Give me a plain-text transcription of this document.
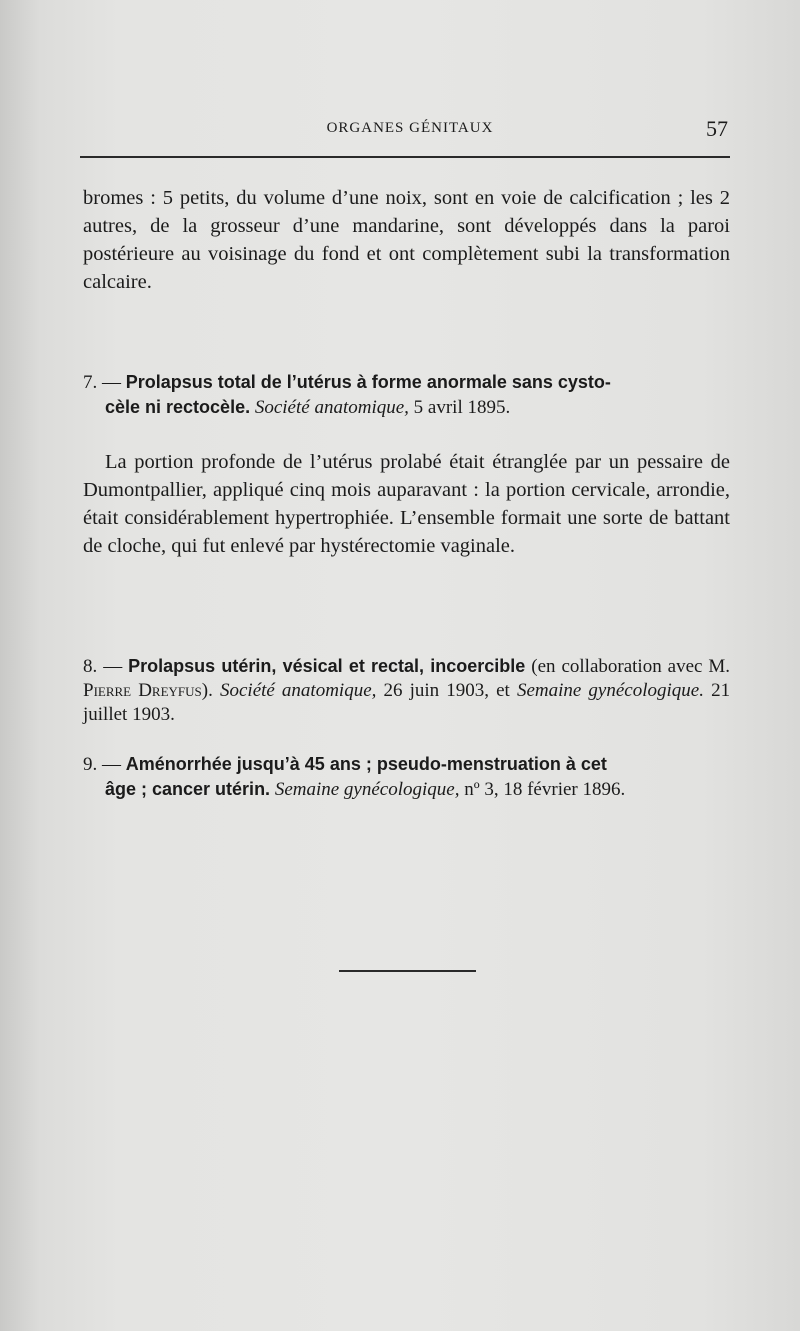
ORGANES GÉNITAUX	57

bromes : 5 petits, du volume d’une noix, sont en voie de calcification ; les 2 autres, de la grosseur d’une mandarine, sont développés dans la paroi postérieure au voisinage du fond et ont complètement subi la transformation calcaire.

7. — Prolapsus total de l’utérus à forme anormale sans cysto-
cèle ni rectocèle. Société anatomique, 5 avril 1895.

La portion profonde de l’utérus prolabé était étranglée par un pessaire de Dumontpallier, appliqué cinq mois auparavant : la portion cervicale, arrondie, était considérablement hypertrophiée. L’ensemble formait une sorte de battant de cloche, qui fut enlevé par hystérectomie vaginale.

8. — Prolapsus utérin, vésical et rectal, incoercible (en collaboration avec M. Pierre Dreyfus). Société anatomique, 26 juin 1903, et Semaine gynécologique. 21 juillet 1903.

9. — Aménorrhée jusqu’à 45 ans ; pseudo-menstruation à cet
âge ; cancer utérin. Semaine gynécologique, nº 3, 18 février 1896.
